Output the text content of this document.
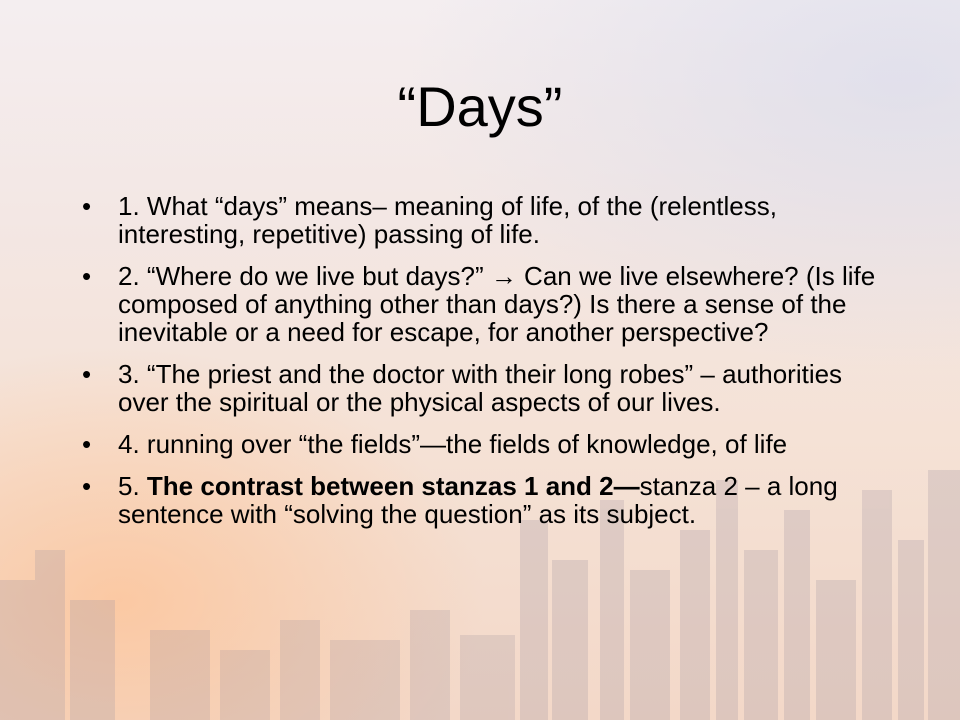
“Days”
•	1. What “days” means– meaning of life, of the (relentless, interesting, repetitive) passing of life.
•	2. “Where do we live but days?” → Can we live elsewhere? (Is life composed of anything other than days?) Is there a sense of the inevitable or a need for escape, for another perspective?
•	3. “The priest and the doctor with their long robes” – authorities over the spiritual or the physical aspects of our lives.
•	4. running over “the fields”—the fields of knowledge, of life
•	5. The contrast between stanzas 1 and 2—stanza 2 – a long sentence with “solving the question” as its subject.
